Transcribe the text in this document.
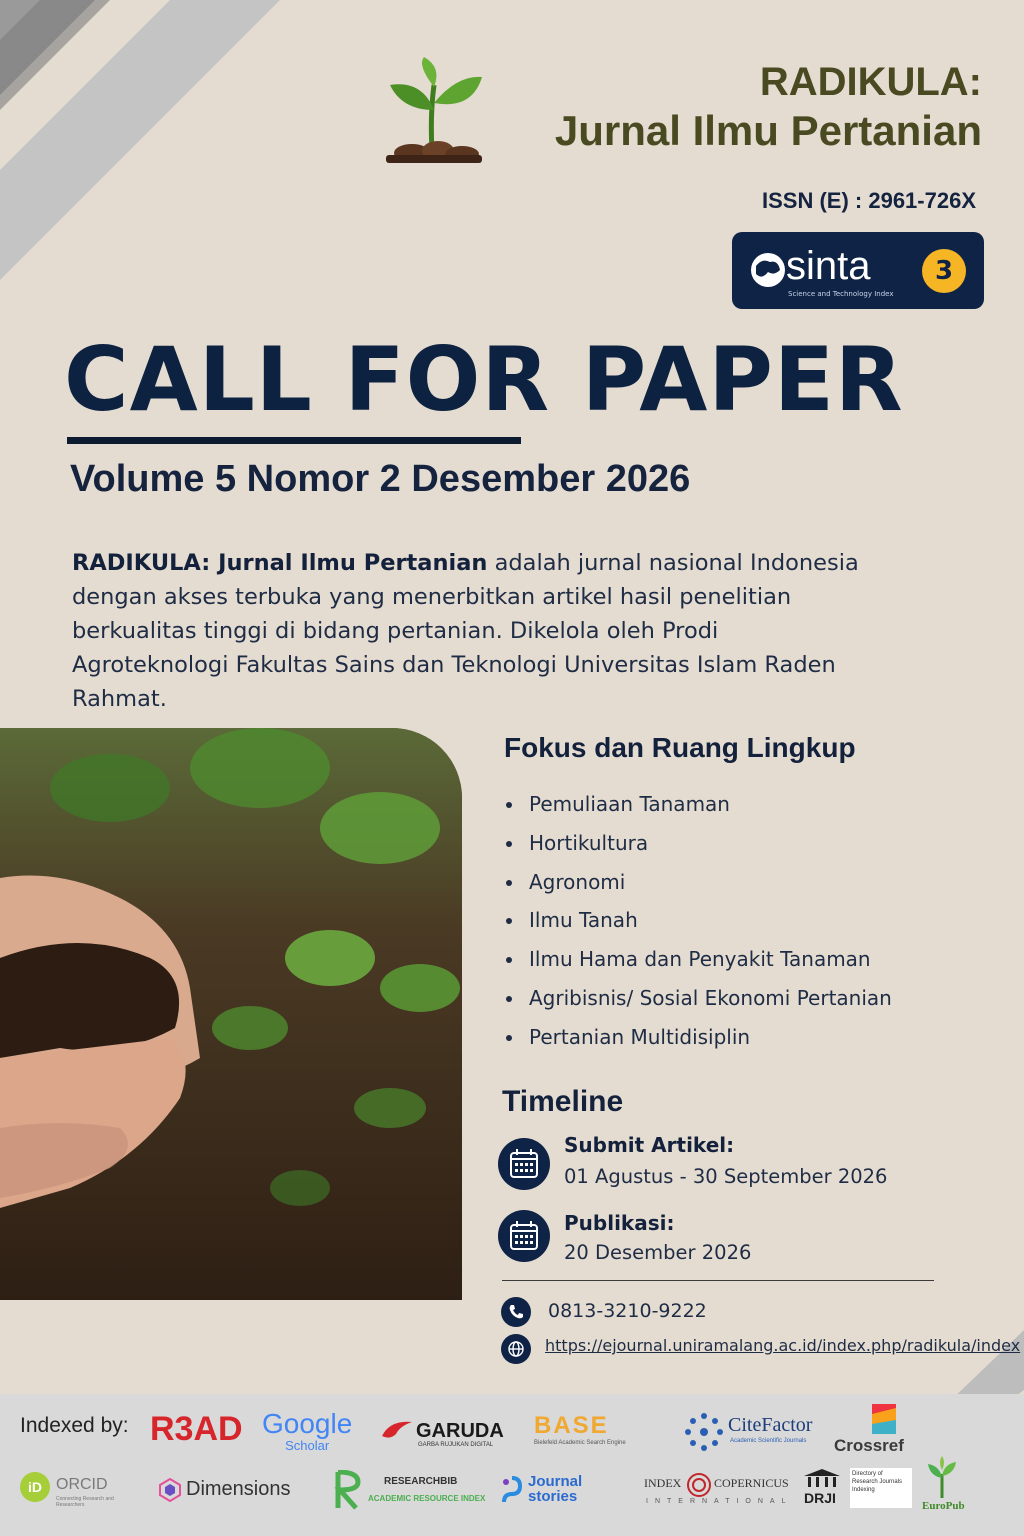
RADIKULA:
Jurnal Ilmu Pertanian
ISSN (E) : 2961-726X
sinta
Science and Technology Index
3
CALL FOR PAPER
Volume 5 Nomor 2 Desember 2026
RADIKULA: Jurnal Ilmu Pertanian adalah jurnal nasional Indonesia dengan akses terbuka yang menerbitkan artikel hasil penelitian berkualitas tinggi di bidang pertanian. Dikelola oleh Prodi Agroteknologi Fakultas Sains dan Teknologi Universitas Islam Raden Rahmat.
Fokus dan Ruang Lingkup
Pemuliaan Tanaman
Hortikultura
Agronomi
Ilmu Tanah
Ilmu Hama dan Penyakit Tanaman
Agribisnis/ Sosial Ekonomi Pertanian
Pertanian Multidisiplin
Timeline
Submit Artikel:
01 Agustus - 30 September 2026
Publikasi:
20 Desember 2026
0813-3210-9222
https://ejournal.uniramalang.ac.id/index.php/radikula/index
Indexed by: R3AD Google
Scholar
GARUDA
GARBA RUJUKAN DIGITAL
BASE
Bielefeld Academic Search Engine
CiteFactor
Academic Scientific Journals Crossref
iD ORCID
Connecting Research and Researchers
Dimensions	RESEARCHBIB
ACADEMIC RESOURCE INDEX
Journal stories
INDEX	COPERNICUS
INTERNATIONAL DRJI
Directory of Research Journals Indexing
EuroPub
